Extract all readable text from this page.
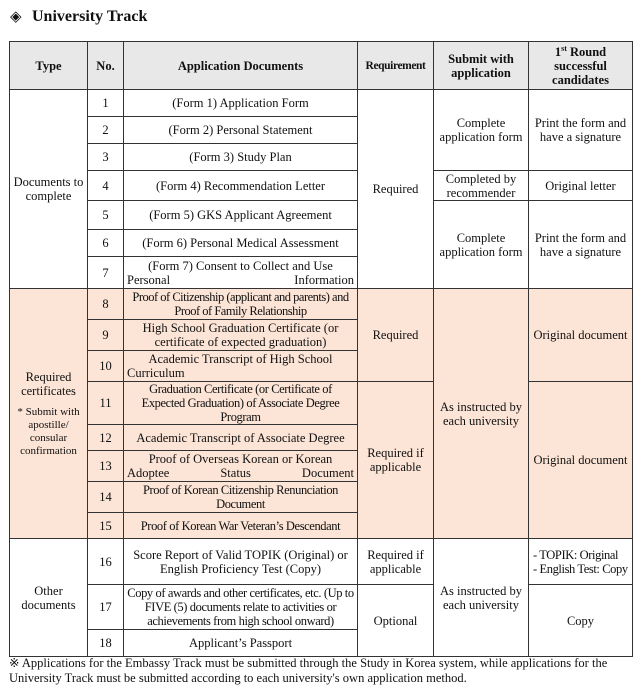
◈ University Track
Type	No.	Application Documents	Requirement	Submit with application	1st Round successful candidates
Documents to complete	1	(Form 1) Application Form	Required	Complete application form	Print the form and have a signature
	2	(Form 2) Personal Statement			
	3	(Form 3) Study Plan			
	4	(Form 4) Recommendation Letter		Completed by recommender	Original letter
	5	(Form 5) GKS Applicant Agreement		Complete application form	Print the form and have a signature
	6	(Form 6) Personal Medical Assessment			
	7	(Form 7) Consent to Collect and Use Personal Information			
Required certificates
* Submit with apostille/ consular confirmation	8	Proof of Citizenship (applicant and parents) and Proof of Family Relationship	Required	As instructed by each university	Original document
	9	High School Graduation Certificate (or certificate of expected graduation)			
	10	Academic Transcript of High School Curriculum			
	11	Graduation Certificate (or Certificate of Expected Graduation) of Associate Degree Program	Required if applicable		Original document
	12	Academic Transcript of Associate Degree			
	13	Proof of Overseas Korean or Korean Adoptee Status Document			
	14	Proof of Korean Citizenship Renunciation Document			
	15	Proof of Korean War Veteran’s Descendant			
Other documents	16	Score Report of Valid TOPIK (Original) or English Proficiency Test (Copy)	Required if applicable	As instructed by each university	- TOPIK: Original
- English Test: Copy
	17	Copy of awards and other certificates, etc. (Up to FIVE (5) documents relate to activities or achievements from high school onward)	Optional		Copy
	18	Applicant’s Passport			
※ Applications for the Embassy Track must be submitted through the Study in Korea system, while applications for the University Track must be submitted according to each university's own application method.
